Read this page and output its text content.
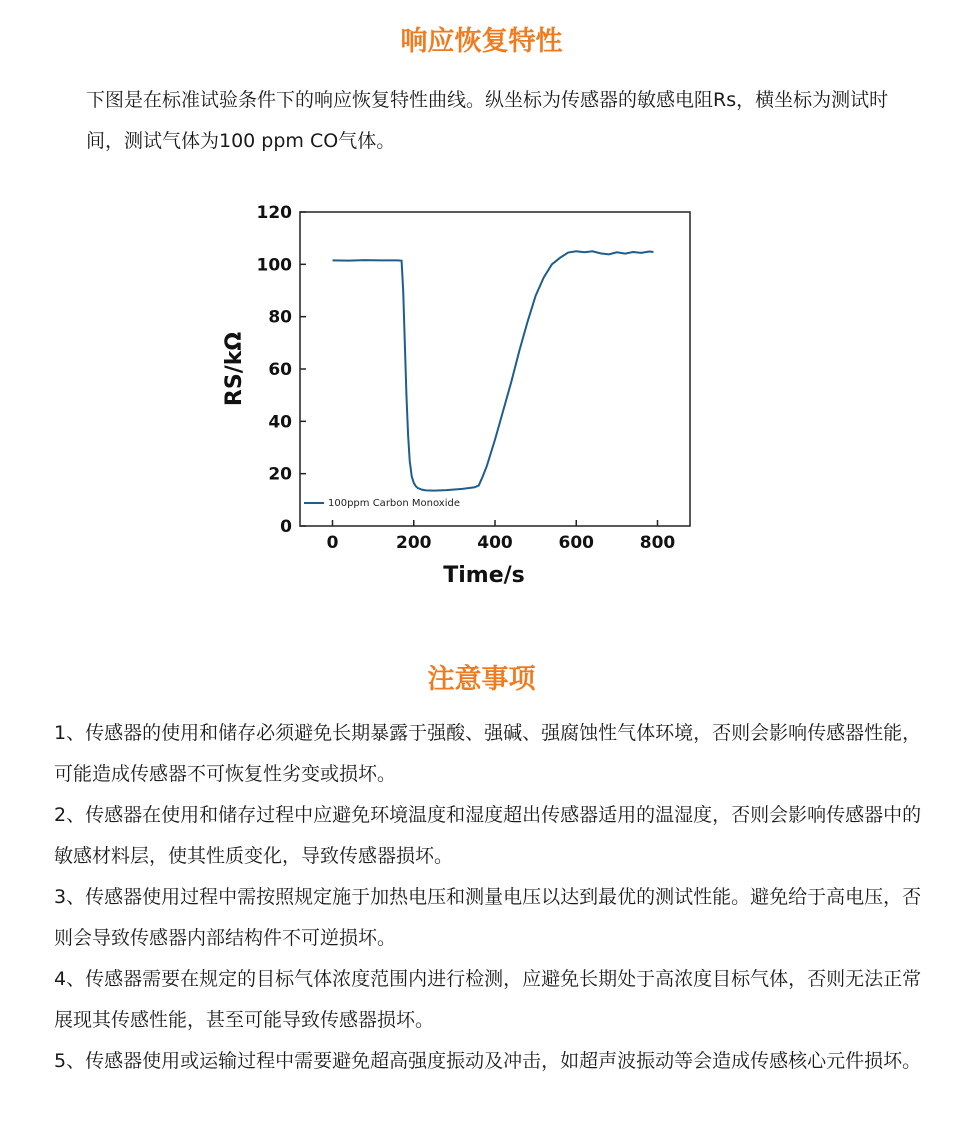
响应恢复特性

下图是在标准试验条件下的响应恢复特性曲线。纵坐标为传感器的敏感电阻Rs，横坐标为测试时间，测试气体为100 ppm CO气体。

0
20
40
60
80
100
120
0	200	400	600	800
100ppm Carbon Monoxide
Time/s
RS/kΩ
注意事项
1、传感器的使用和储存必须避免长期暴露于强酸、强碱、强腐蚀性气体环境，否则会影响传感器性能，可能造成传感器不可恢复性劣变或损坏。
2、传感器在使用和储存过程中应避免环境温度和湿度超出传感器适用的温湿度，否则会影响传感器中的敏感材料层，使其性质变化，导致传感器损坏。
3、传感器使用过程中需按照规定施于加热电压和测量电压以达到最优的测试性能。避免给于高电压，否则会导致传感器内部结构件不可逆损坏。
4、传感器需要在规定的目标气体浓度范围内进行检测，应避免长期处于高浓度目标气体，否则无法正常展现其传感性能，甚至可能导致传感器损坏。
5、传感器使用或运输过程中需要避免超高强度振动及冲击，如超声波振动等会造成传感核心元件损坏。
